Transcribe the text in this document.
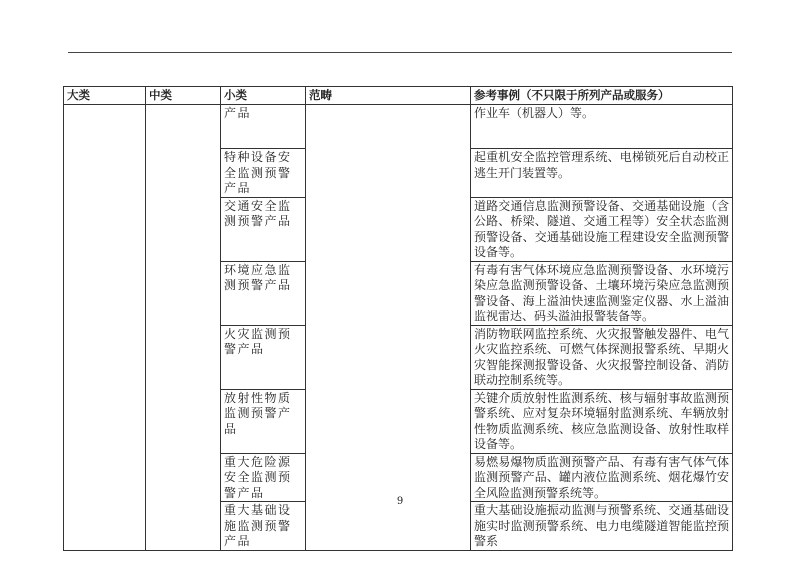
大类	中类	小类	范畴	参考事例（不只限于所列产品或服务）
		产品		作业车（机器人）等。
		特种设备安全监测预警产品		起重机安全监控管理系统、电梯锁死后自动校正逃生开门装置等。
		交通安全监测预警产品		道路交通信息监测预警设备、交通基础设施（含公路、桥梁、隧道、交通工程等）安全状态监测预警设备、交通基础设施工程建设安全监测预警设备等。
		环境应急监测预警产品		有毒有害气体环境应急监测预警设备、水环境污染应急监测预警设备、土壤环境污染应急监测预警设备、海上溢油快速监测鉴定仪器、水上溢油监视雷达、码头溢油报警装备等。
		火灾监测预警产品		消防物联网监控系统、火灾报警触发器件、电气火灾监控系统、可燃气体探测报警系统、早期火灾智能探测报警设备、火灾报警控制设备、消防联动控制系统等。
		放射性物质监测预警产品		关键介质放射性监测系统、核与辐射事故监测预警系统、应对复杂环境辐射监测系统、车辆放射性物质监测系统、核应急监测设备、放射性取样设备等。
		重大危险源安全监测预警产品		易燃易爆物质监测预警产品、有毒有害气体气体监测预警产品、罐内液位监测系统、烟花爆竹安全风险监测预警系统等。
		重大基础设施监测预警产品		重大基础设施振动监测与预警系统、交通基础设施实时监测预警系统、电力电缆隧道智能监控预警系
9
